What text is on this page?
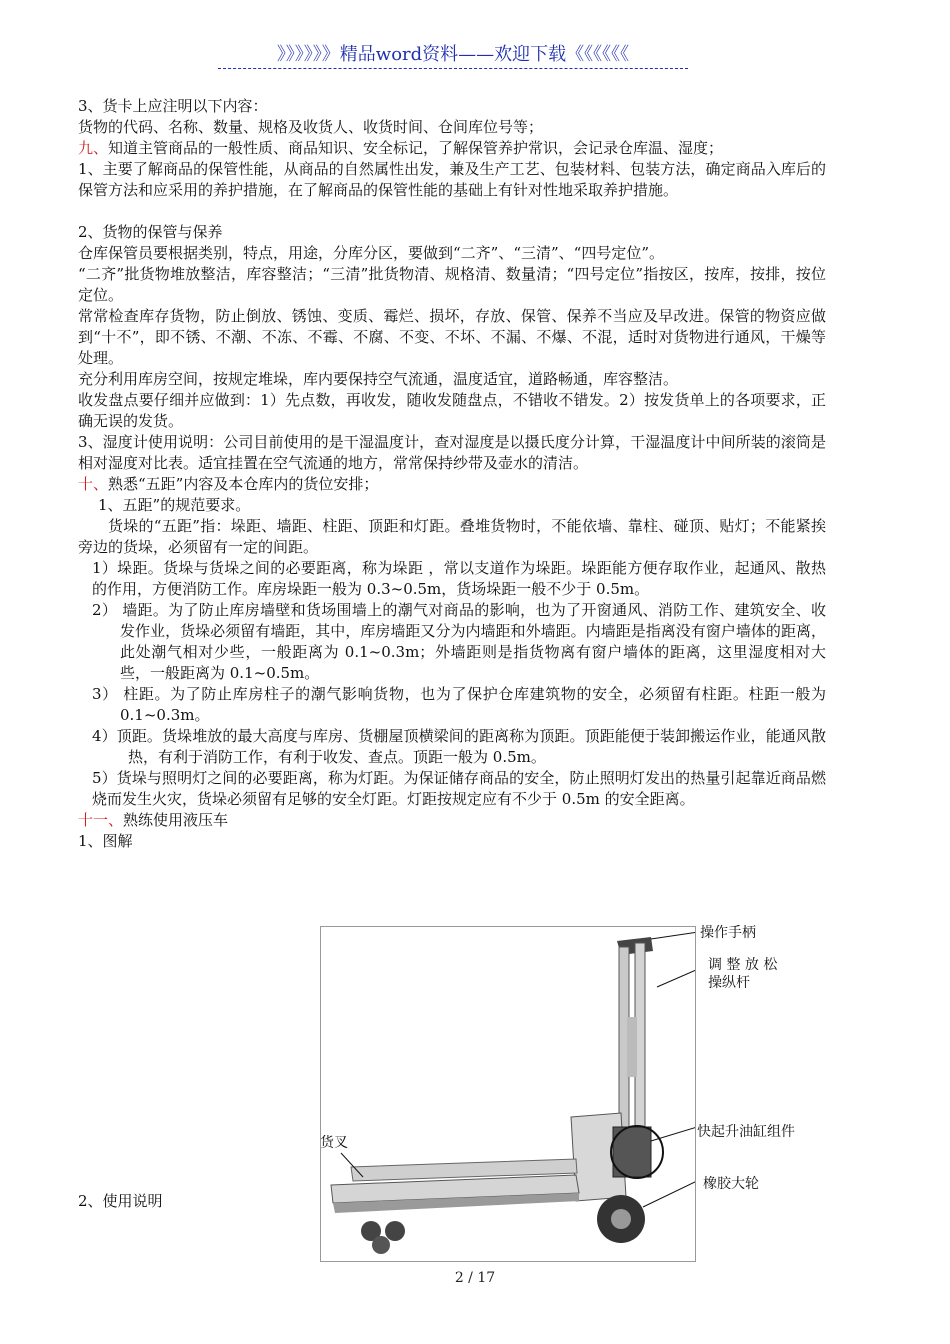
》》》》》》精品word资料——欢迎下载《《《《《《

3、货卡上应注明以下内容：

货物的代码、名称、数量、规格及收货人、收货时间、仓间库位号等；

九、知道主管商品的一般性质、商品知识、安全标记，了解保管养护常识，会记录仓库温、湿度；

1、主要了解商品的保管性能，从商品的自然属性出发，兼及生产工艺、包装材料、包装方法，确定商品入库后的保管方法和应采用的养护措施，在了解商品的保管性能的基础上有针对性地采取养护措施。

2、货物的保管与保养

仓库保管员要根据类别，特点，用途，分库分区，要做到“二齐”、“三清”、“四号定位”。

“二齐”批货物堆放整洁，库容整洁；“三清”批货物清、规格清、数量清；“四号定位”指按区，按库，按排，按位定位。

常常检查库存货物，防止倒放、锈蚀、变质、霉烂、损坏，存放、保管、保养不当应及早改进。保管的物资应做到“十不”，即不锈、不潮、不冻、不霉、不腐、不变、不坏、不漏、不爆、不混，适时对货物进行通风，干燥等处理。

充分利用库房空间，按规定堆垛，库内要保持空气流通，温度适宜，道路畅通，库容整洁。

收发盘点要仔细并应做到：1）先点数，再收发，随收发随盘点，不错收不错发。2）按发货单上的各项要求，正确无误的发货。

3、湿度计使用说明：公司目前使用的是干湿温度计，查对湿度是以摄氏度分计算，干湿温度计中间所装的滚筒是相对湿度对比表。适宜挂置在空气流通的地方，常常保持纱带及壶水的清洁。

十、熟悉“五距”内容及本仓库内的货位安排；

1、五距”的规范要求。

货垛的“五距”指：垛距、墙距、柱距、顶距和灯距。叠堆货物时，不能依墙、靠柱、碰顶、贴灯；不能紧挨旁边的货垛，必须留有一定的间距。

1）垛距。货垛与货垛之间的必要距离，称为垛距 ，常以支道作为垛距。垛距能方便存取作业，起通风、散热的作用，方便消防工作。库房垛距一般为 0.3~0.5m，货场垛距一般不少于 0.5m。

2） 墙距。为了防止库房墙壁和货场围墙上的潮气对商品的影响，也为了开窗通风、消防工作、建筑安全、收发作业，货垛必须留有墙距，其中，库房墙距又分为内墙距和外墙距。内墙距是指离没有窗户墙体的距离，此处潮气相对少些，一般距离为 0.1~0.3m；外墙距则是指货物离有窗户墙体的距离，这里湿度相对大些，一般距离为 0.1~0.5m。

3） 柱距。为了防止库房柱子的潮气影响货物，也为了保护仓库建筑物的安全，必须留有柱距。柱距一般为 0.1~0.3m。

4）顶距。货垛堆放的最大高度与库房、货棚屋顶横梁间的距离称为顶距。顶距能便于装卸搬运作业，能通风散热，有利于消防工作，有利于收发、查点。顶距一般为 0.5m。

5）货垛与照明灯之间的必要距离，称为灯距。为保证储存商品的安全，防止照明灯发出的热量引起靠近商品燃烧而发生火灾，货垛必须留有足够的安全灯距。灯距按规定应有不少于 0.5m 的安全距离。

十一、熟练使用液压车

1、图解

2、使用说明
操作手柄
调 整 放 松
操纵杆
货叉
快起升油缸组件
橡胶大轮
2 / 17
